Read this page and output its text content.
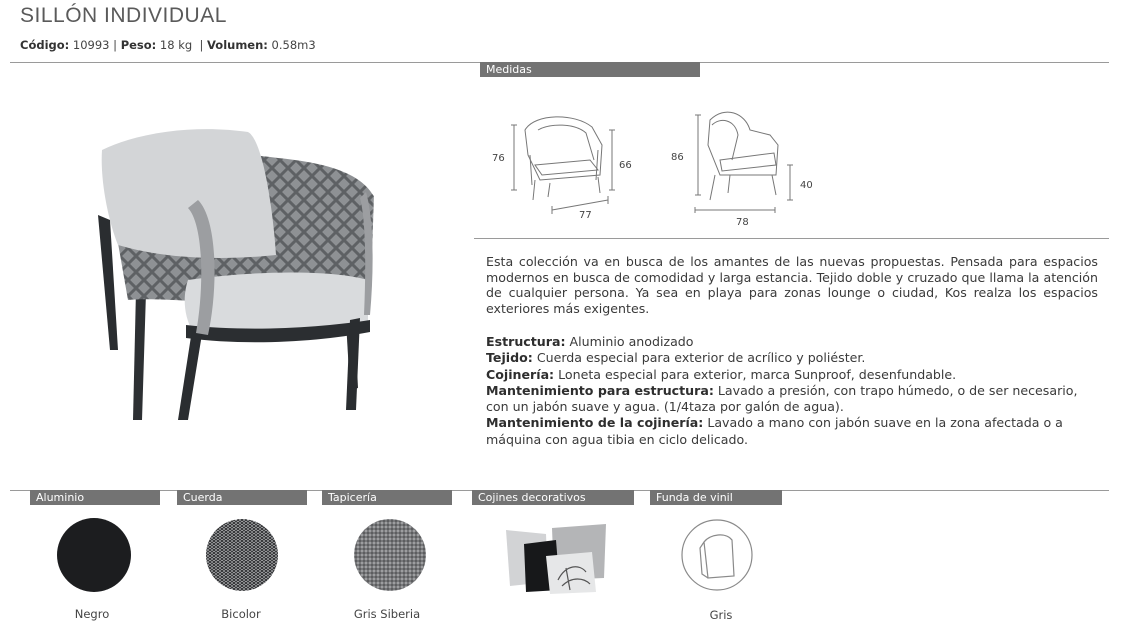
SILLÓN INDIVIDUAL
Código: 10993 | Peso: 18 kg  | Volumen: 0.58m3
Medidas
76
66
77
86
40
78
Esta colección va en busca de los amantes de las nuevas propuestas. Pensada para espacios modernos en busca de comodidad y larga estancia. Tejido doble y cruzado que llama la atención de cualquier persona. Ya sea en playa para zonas lounge o ciudad, Kos realza los espacios exteriores más exigentes.
Estructura: Aluminio anodizado
Tejido: Cuerda especial para exterior de acrílico y poliéster.
Cojinería: Loneta especial para exterior, marca Sunproof, desenfundable.
Mantenimiento para estructura: Lavado a presión, con trapo húmedo, o de ser necesario, con un jabón suave y agua. (1/4taza por galón de agua).
Mantenimiento de la cojinería: Lavado a mano con jabón suave en la zona afectada o a máquina con agua tibia en ciclo delicado.
Aluminio	Cuerda	Tapicería	Cojines decorativos	Funda de vinil
Negro	Bicolor	Gris Siberia	Gris
